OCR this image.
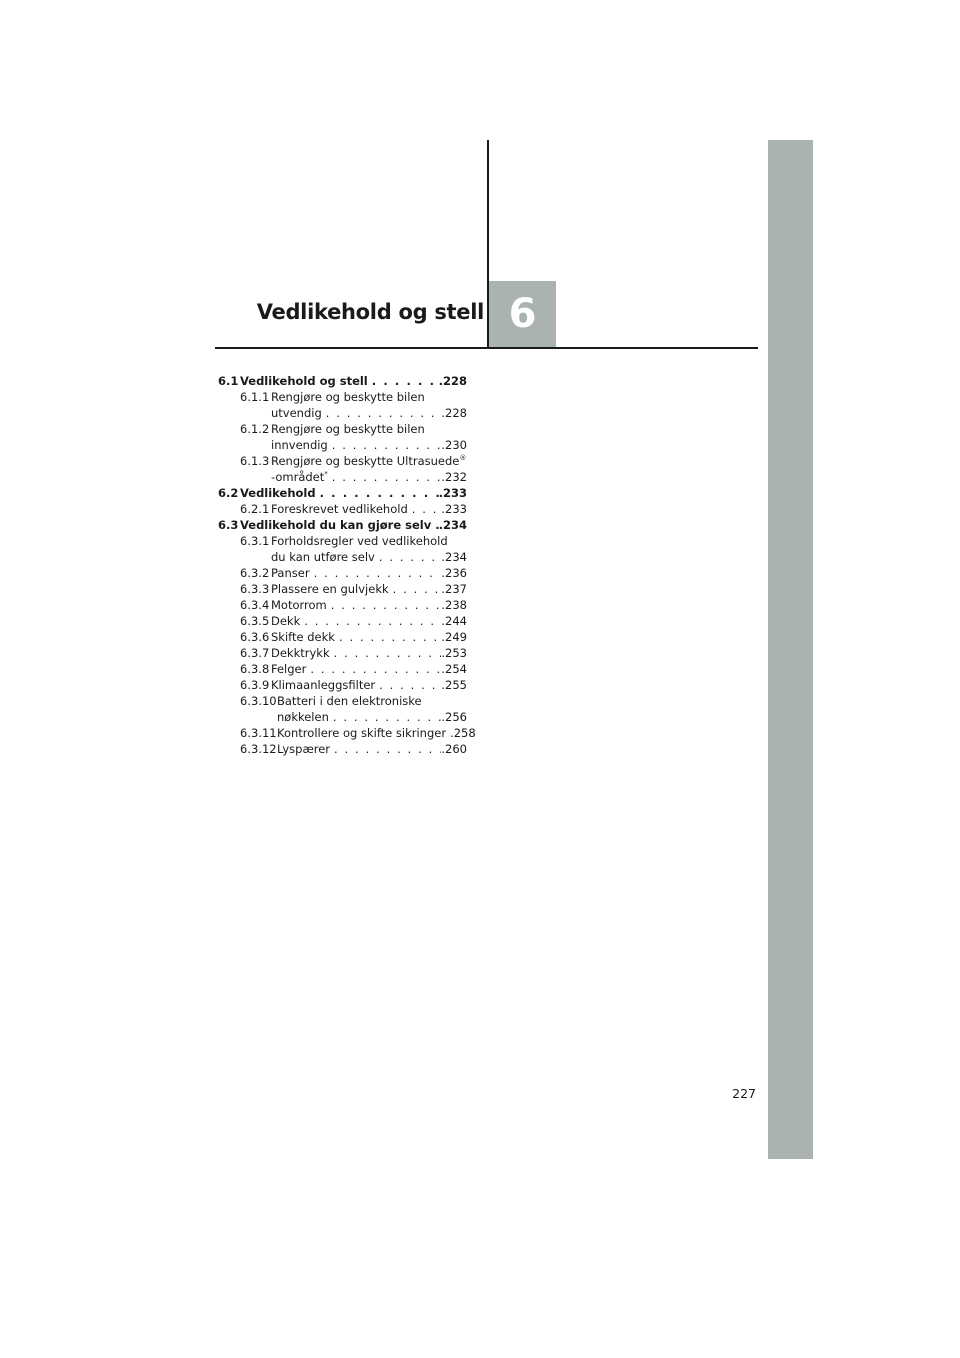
Vedlikehold og stell 6
6.1 Vedlikehold og stell . . .	.228
6.1.1 Rengjøre og beskytte bilen
utvendig . . .	.228
6.1.2 Rengjøre og beskytte bilen
innvendig . . .	.230
6.1.3 Rengjøre og beskytte Ultrasuede®
-området* . . .	.232
6.2 Vedlikehold . . .	.233
6.2.1 Foreskrevet vedlikehold . . .	.233
6.3 Vedlikehold du kan gjøre selv . . . .234
6.3.1 Forholdsregler ved vedlikehold
du kan utføre selv . . .	.234
6.3.2 Panser . . .	.236
6.3.3 Plassere en gulvjekk . . .	.237
6.3.4 Motorrom . . .	.238
6.3.5 Dekk . . .	.244
6.3.6 Skifte dekk . . .	.249
6.3.7 Dekktrykk . . .	.253
6.3.8 Felger . . .	.254
6.3.9 Klimaanleggsfilter . . .	.255
6.3.10 Batteri i den elektroniske
nøkkelen . . .	.256
6.3.11 Kontrollere og skifte sikringer . . . .258
6.3.12 Lyspærer . . .	.260
227
